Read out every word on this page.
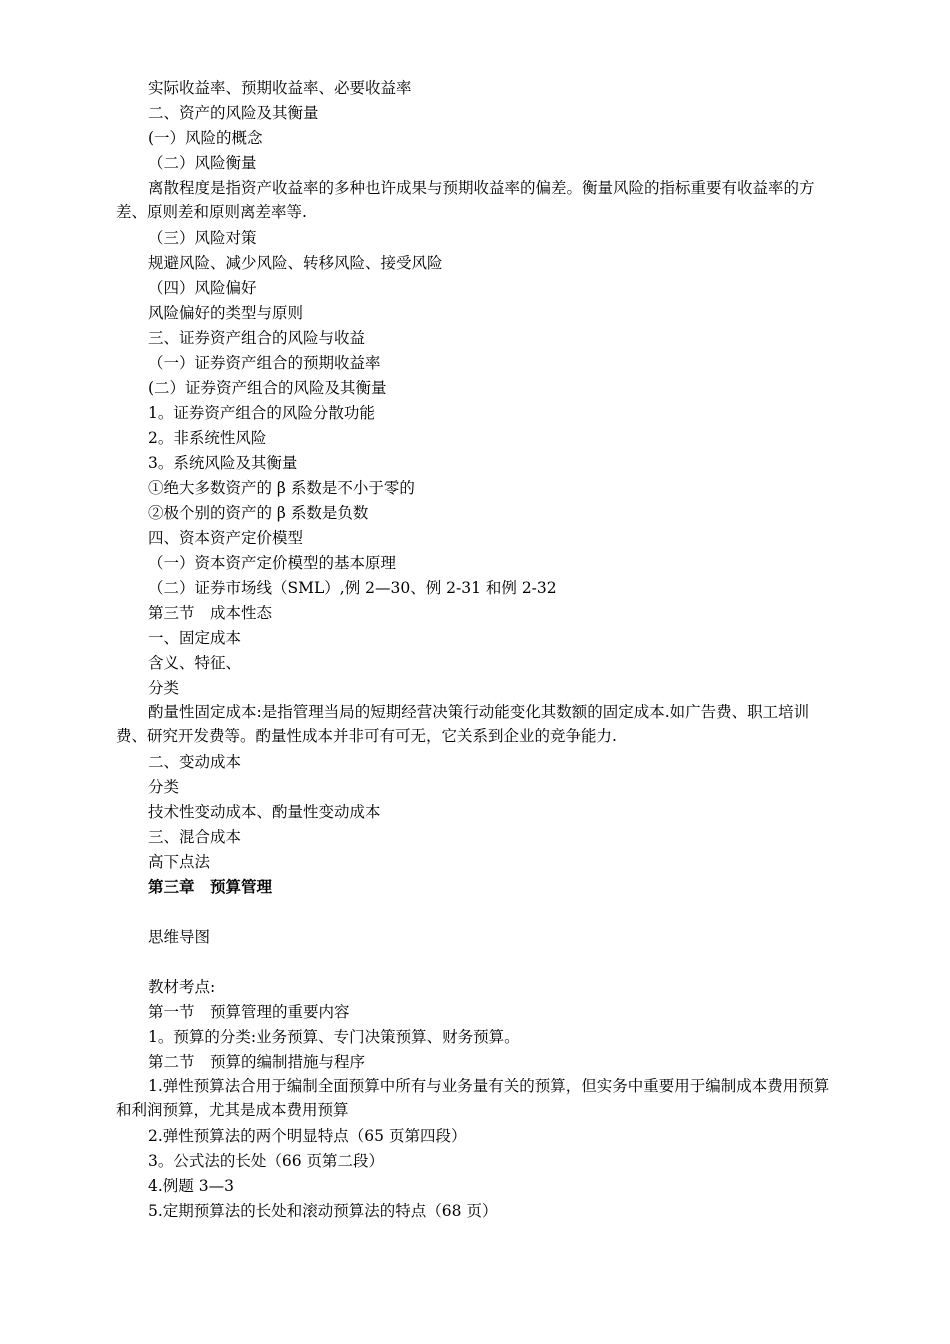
实际收益率、预期收益率、必要收益率
二、资产的风险及其衡量
(一）风险的概念
（二）风险衡量
离散程度是指资产收益率的多种也许成果与预期收益率的偏差。衡量风险的指标重要有收益率的方差、原则差和原则离差率等.
（三）风险对策
规避风险、减少风险、转移风险、接受风险
（四）风险偏好
风险偏好的类型与原则
三、证券资产组合的风险与收益
（一）证券资产组合的预期收益率
(二）证券资产组合的风险及其衡量
1。证券资产组合的风险分散功能
2。非系统性风险
3。系统风险及其衡量
①绝大多数资产的 β 系数是不小于零的
②极个别的资产的 β 系数是负数
四、资本资产定价模型
（一）资本资产定价模型的基本原理
（二）证券市场线（SML）,例 2—30、例 2-31 和例 2-32
第三节　成本性态
一、固定成本
含义、特征、
分类
酌量性固定成本:是指管理当局的短期经营决策行动能变化其数额的固定成本.如广告费、职工培训费、研究开发费等。酌量性成本并非可有可无，它关系到企业的竞争能力.
二、变动成本
分类
技术性变动成本、酌量性变动成本
三、混合成本
高下点法
第三章　预算管理
思维导图
教材考点:
第一节　预算管理的重要内容
1。预算的分类:业务预算、专门决策预算、财务预算。
第二节　预算的编制措施与程序
1.弹性预算法合用于编制全面预算中所有与业务量有关的预算，但实务中重要用于编制成本费用预算和利润预算，尤其是成本费用预算
2.弹性预算法的两个明显特点（65 页第四段）
3。公式法的长处（66 页第二段）
4.例题 3—3
5.定期预算法的长处和滚动预算法的特点（68 页）
